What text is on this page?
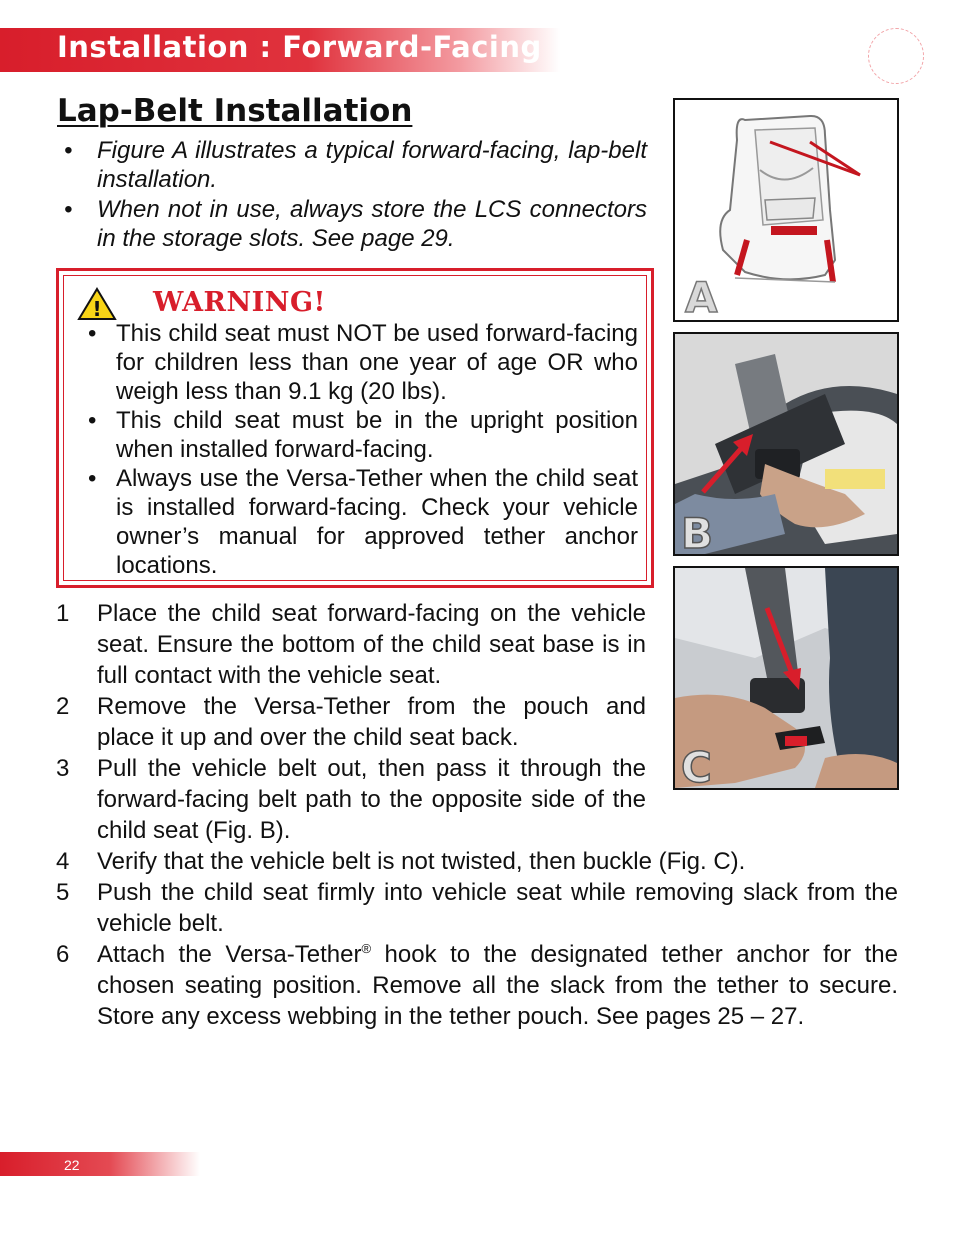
Installation : Forward-Facing
Lap-Belt Installation
• Figure A illustrates a typical forward-facing, lap-belt installation.
• When not in use, always store the LCS connectors in the storage slots. See page 29.
! WARNING!
• This child seat must NOT be used forward-facing for children less than one year of age OR who weigh less than 9.1 kg (20 lbs).
• This child seat must be in the upright position when installed forward-facing.
• Always use the Versa-Tether when the child seat is installed forward-facing. Check your vehicle owner’s manual for approved tether anchor locations.
1 Place the child seat forward-facing on the vehicle seat. Ensure the bottom of the child seat base is in full contact with the vehicle seat.
2 Remove the Versa-Tether from the pouch and place it up and over the child seat back.
3 Pull the vehicle belt out, then pass it through the forward-facing belt path to the opposite side of the child seat (Fig. B).
4 Verify that the vehicle belt is not twisted, then buckle (Fig. C).
5 Push the child seat firmly into vehicle seat while removing slack from the vehicle belt.
6 Attach the Versa-Tether® hook to the designated tether anchor for the chosen seating position. Remove all the slack from the tether to secure. Store any excess webbing in the tether pouch. See pages 25 – 27.
A
B
C
22
